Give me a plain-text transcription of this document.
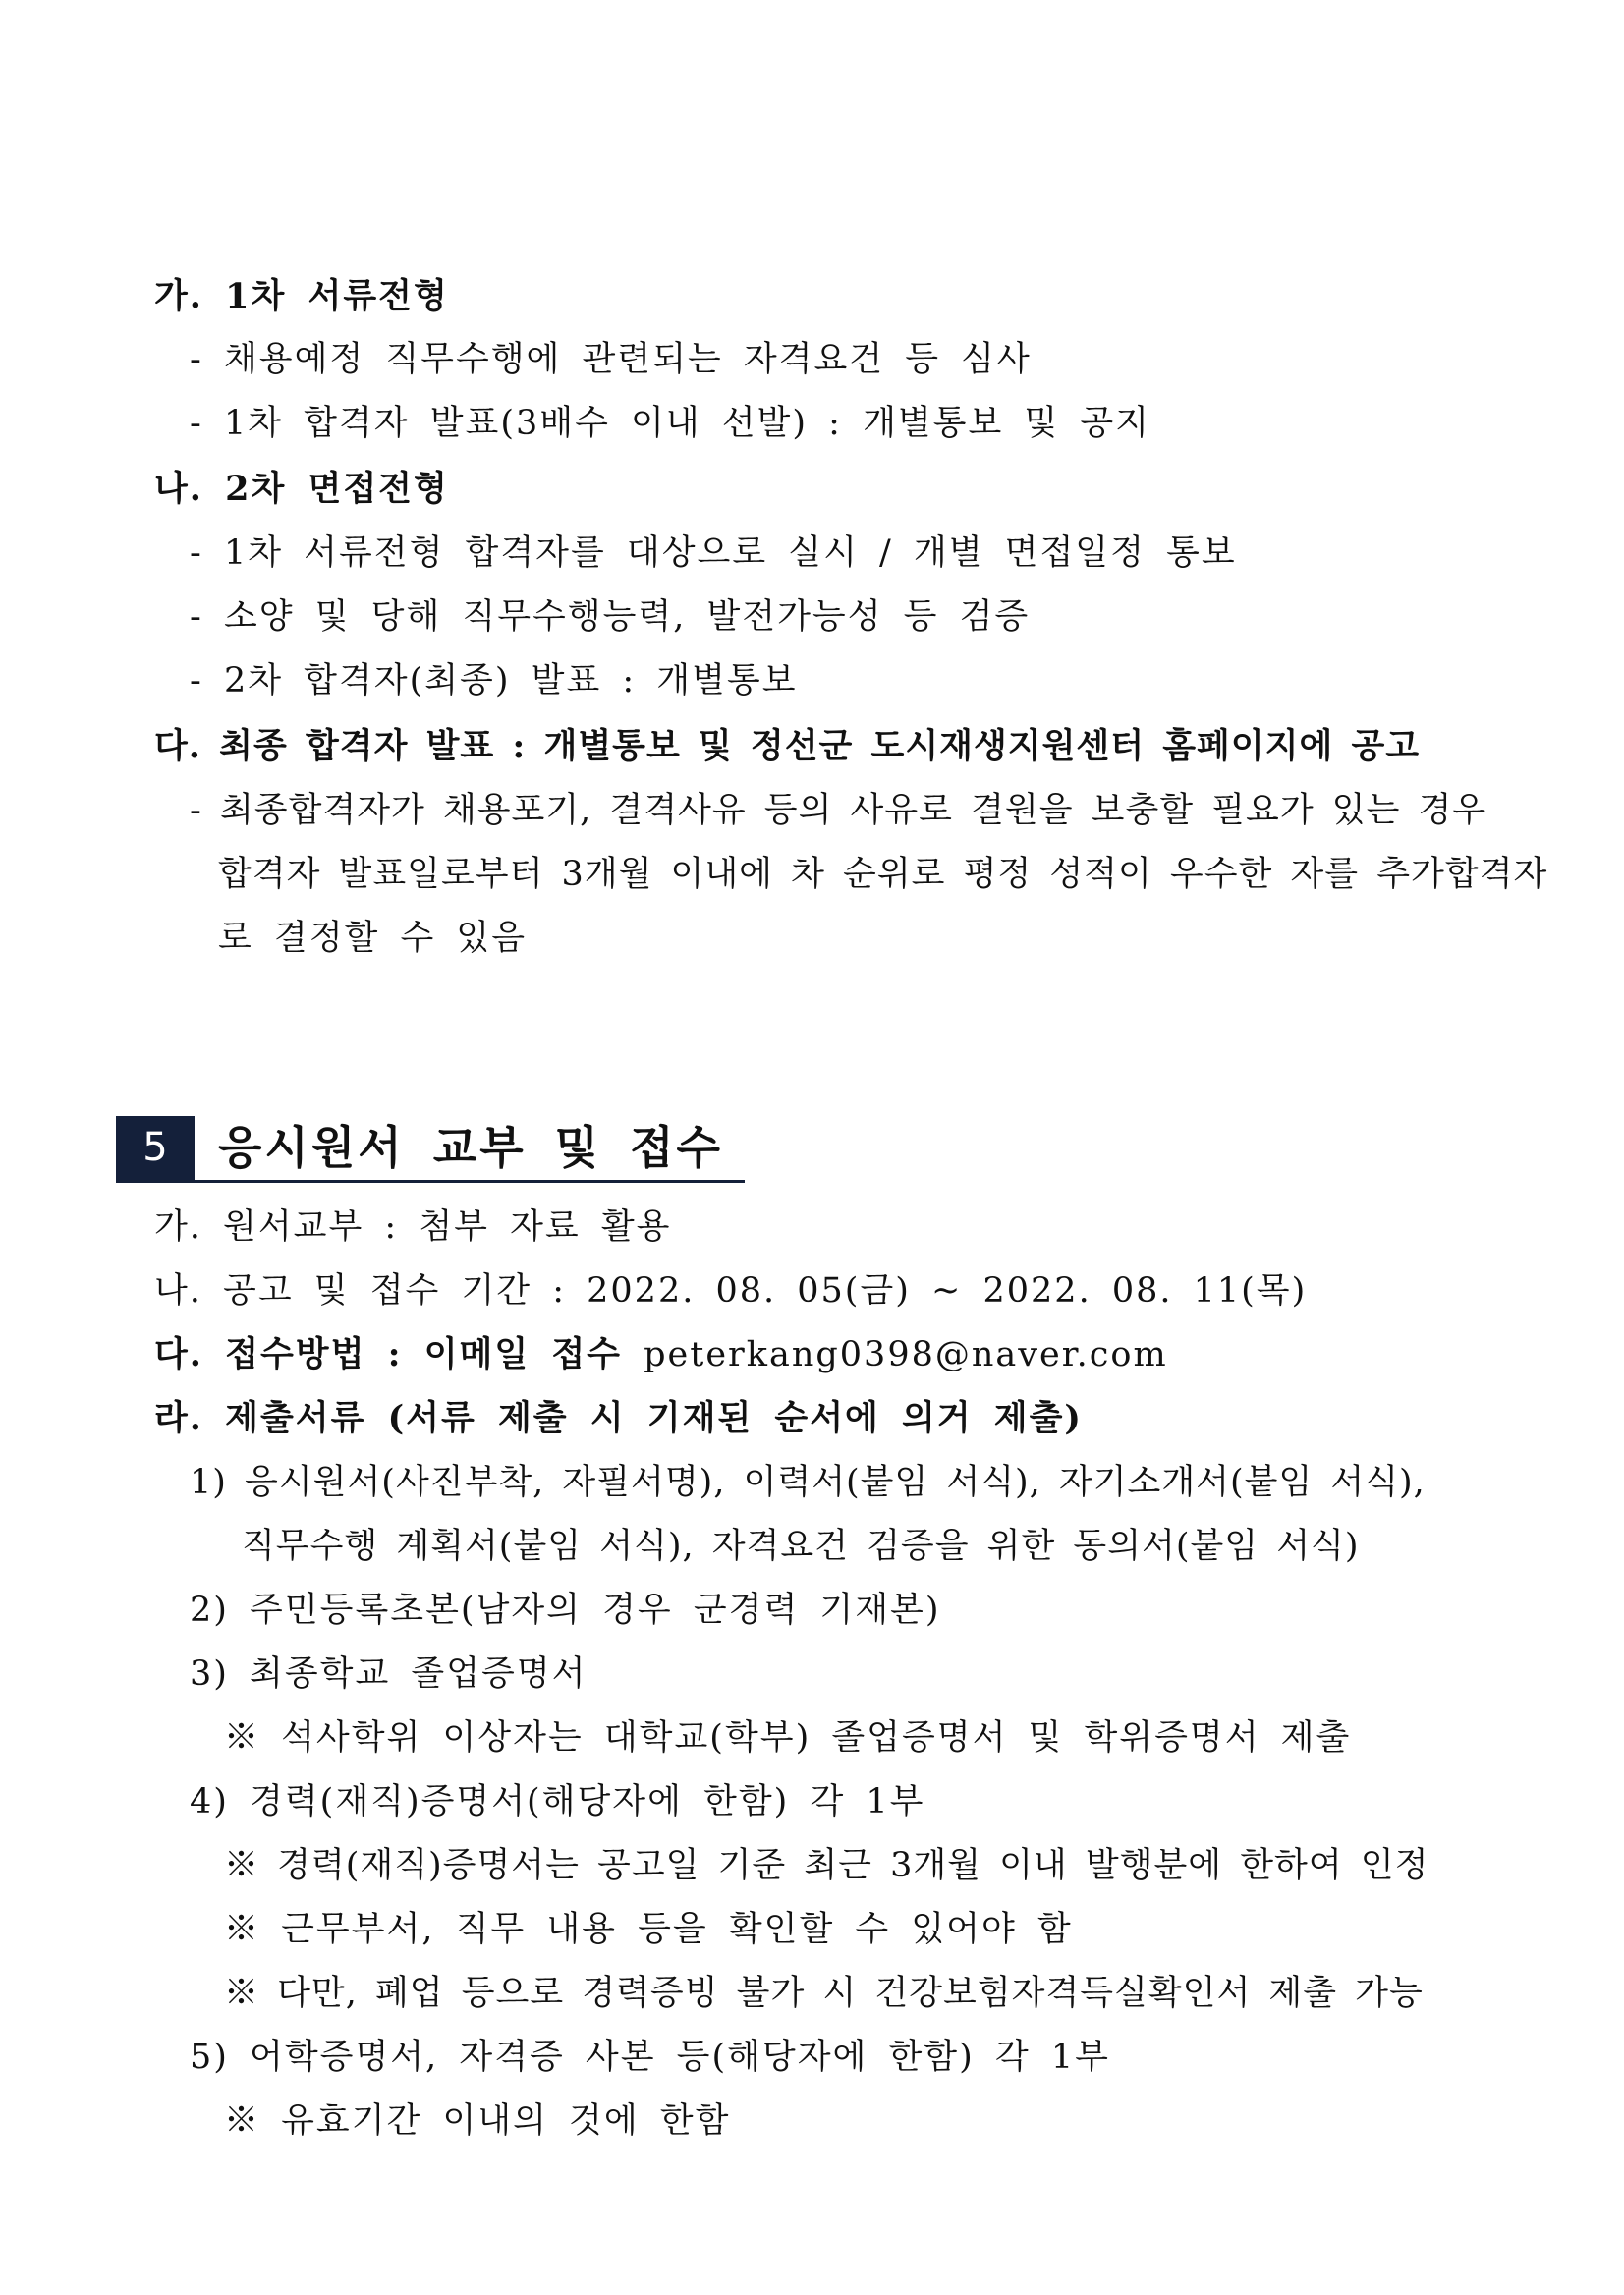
가. 1차 서류전형
- 채용예정 직무수행에 관련되는 자격요건 등 심사
- 1차 합격자 발표(3배수 이내 선발) : 개별통보 및 공지
나. 2차 면접전형
- 1차 서류전형 합격자를 대상으로 실시 / 개별 면접일정 통보
- 소양 및 당해 직무수행능력, 발전가능성 등 검증
- 2차 합격자(최종) 발표 : 개별통보
다. 최종 합격자 발표 : 개별통보 및 정선군 도시재생지원센터 홈페이지에 공고
- 최종합격자가 채용포기, 결격사유 등의 사유로 결원을 보충할 필요가 있는 경우
합격자 발표일로부터 3개월 이내에 차 순위로 평정 성적이 우수한 자를 추가합격자
로 결정할 수 있음
5	응시원서 교부 및 접수
가. 원서교부 : 첨부 자료 활용
나. 공고 및 접수 기간 : 2022. 08. 05(금) ~ 2022. 08. 11(목)
다. 접수방법 : 이메일 접수 peterkang0398@naver.com
라. 제출서류 (서류 제출 시 기재된 순서에 의거 제출)
1) 응시원서(사진부착, 자필서명), 이력서(붙임 서식), 자기소개서(붙임 서식),
직무수행 계획서(붙임 서식), 자격요건 검증을 위한 동의서(붙임 서식)
2) 주민등록초본(남자의 경우 군경력 기재본)
3) 최종학교 졸업증명서
※ 석사학위 이상자는 대학교(학부) 졸업증명서 및 학위증명서 제출
4) 경력(재직)증명서(해당자에 한함) 각 1부
※ 경력(재직)증명서는 공고일 기준 최근 3개월 이내 발행분에 한하여 인정
※ 근무부서, 직무 내용 등을 확인할 수 있어야 함
※ 다만, 폐업 등으로 경력증빙 불가 시 건강보험자격득실확인서 제출 가능
5) 어학증명서, 자격증 사본 등(해당자에 한함) 각 1부
※ 유효기간 이내의 것에 한함
